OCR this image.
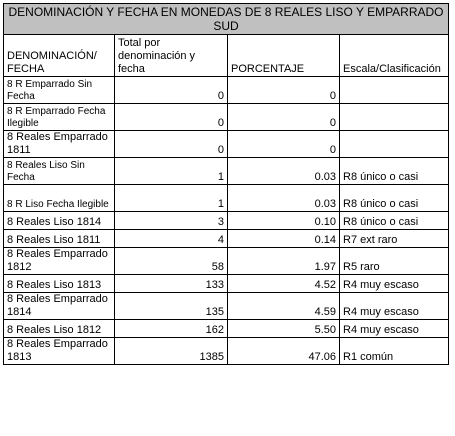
DENOMINACIÓN Y FECHA EN MONEDAS DE 8 REALES LISO Y EMPARRADO SUD			
DENOMINACIÓN/ FECHA	Total por denominación y fecha	PORCENTAJE	Escala/Clasificación
8 R Emparrado Sin Fecha	0	0	
8 R Emparrado Fecha Ilegible	0	0	
8 Reales Emparrado 1811	0	0	
8 Reales Liso Sin Fecha	1	0.03	R8 único o casi
8 R Liso Fecha Ilegible	1	0.03	R8 único o casi
8 Reales Liso 1814	3	0.10	R8 único o casi
8 Reales Liso 1811	4	0.14	R7 ext raro
8 Reales Emparrado 1812	58	1.97	R5 raro
8 Reales Liso 1813	133	4.52	R4 muy escaso
8 Reales Emparrado 1814	135	4.59	R4 muy escaso
8 Reales Liso 1812	162	5.50	R4 muy escaso
8 Reales Emparrado 1813	1385	47.06	R1 común
